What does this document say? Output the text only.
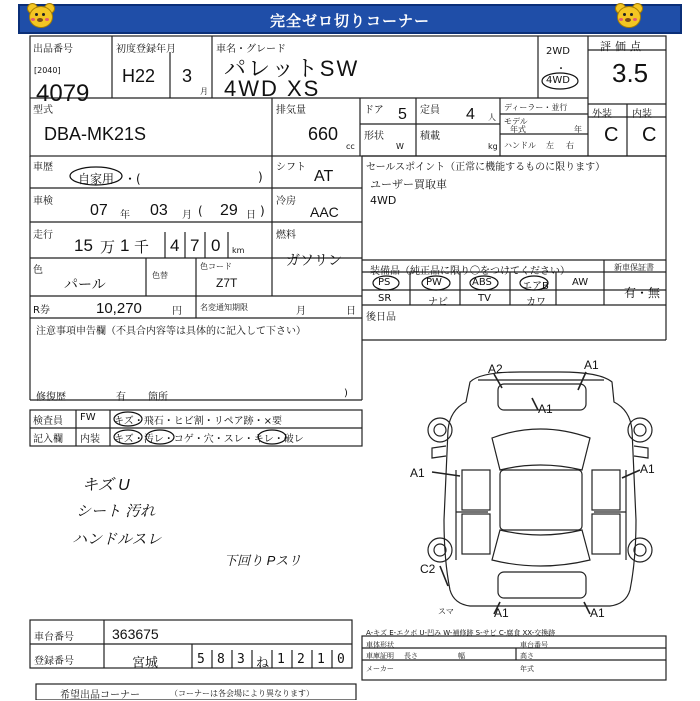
完全ゼロ切りコーナー
出品番号
[2040]
4079
初度登録年月
H22 3
月
車名・グレード
パレットSW
4WD XS
2WD
・
4WD
評価点
3.5
外装 内装
C C
型式
DBA-MK21S
排気量
660
cc
ドア 5 定員 4 人
ディーラー・並行
モデル
年式	年
形状	積載
W	kg ハンドル 左 右
車歴
自家用 ・(	)
シフト
AT
車検
07 年 03 月 ( 29 日 )
冷房
AAC
走行
15 万 1 千 4 7 0 km
燃料
ガソリン
色
パール
色替
色コード
Z7T
R券	10,270	円 名変通知期限	月	日
注意事項申告欄（不具合内容等は具体的に記入して下さい）
修復歴	有 箇所	)
検査員
記入欄
FW キズ・飛石・ヒビ割・リペア跡・×要
内装 キズ・汚レ・コゲ・穴・スレ・キレ・破レ
キズ U
シート 汚れ
ハンドルスレ
下回り Pスリ
セールスポイント（正常に機能するものに限ります）
ユーザー買取車
4WD
装備品（純正品に限り〇をつけてください）	新車保証書
PS	PW	ABS	エアB AW
SR	ナビ	TV	カワ
有・無
後日品
A2	A1
A1
A1	A1
C2
A1	A1
スマ
車台番号	363675
登録番号	宮城	5 8 3 ね 1 2 1 0
A-キズ E-エクボ U-凹み W-補修跡 S-サビ C-腐食 XX-交換跡
車体形状	車台番号
車庫証明 長さ	幅	高さ
メーカー	年式
希望出品コーナー	（コーナーは各会場により異なります）
